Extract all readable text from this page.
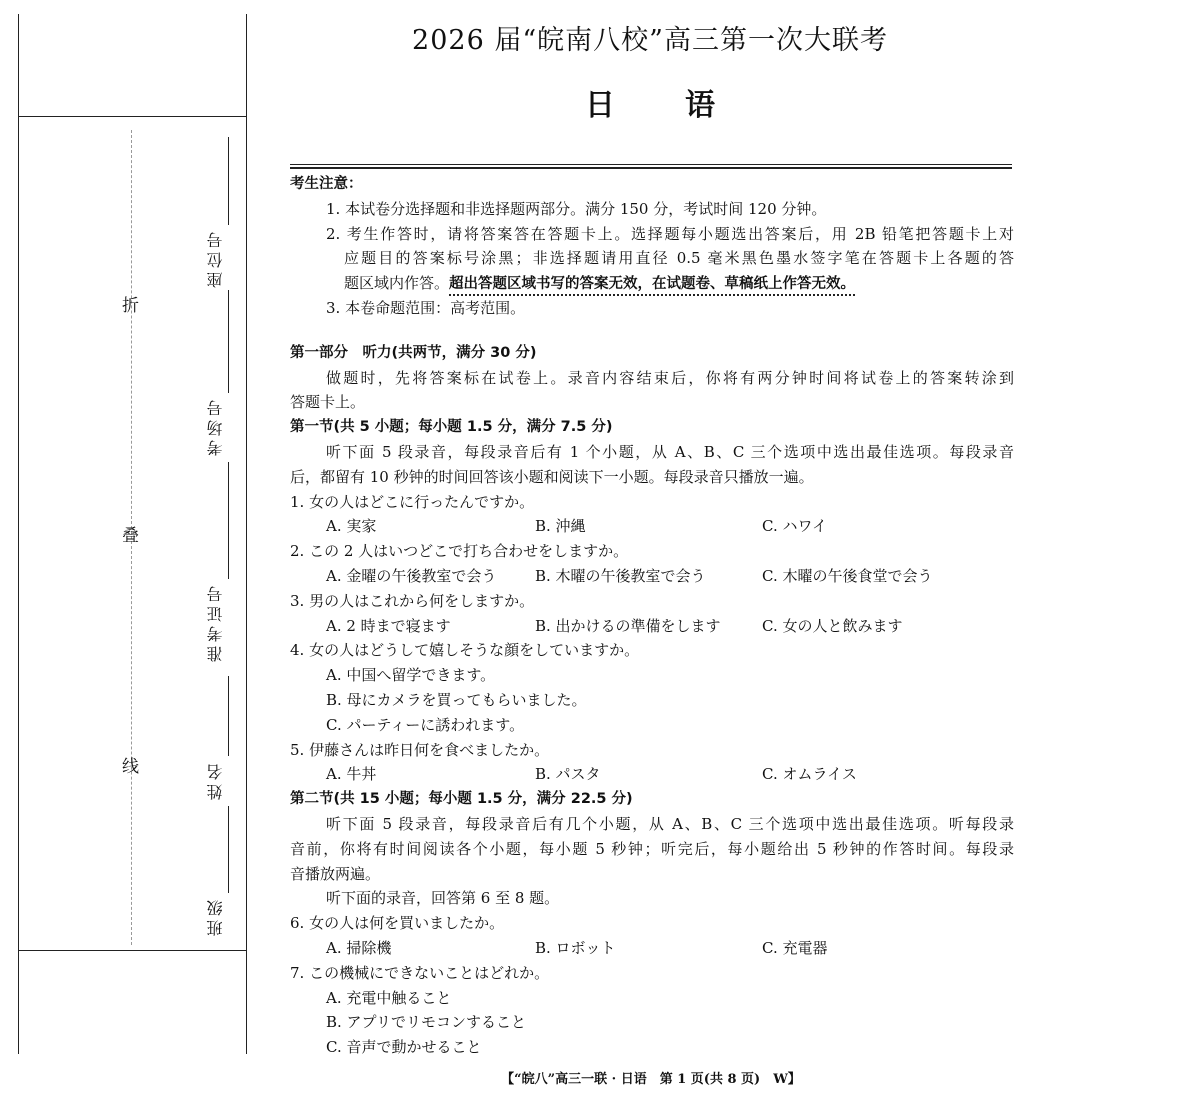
折
叠
线
座位号
考场号
准考证号
姓名
班级
2026 届“皖南八校”高三第一次大联考
日语
考生注意：
1. 本试卷分选择题和非选择题两部分。满分 150 分，考试时间 120 分钟。
2. 考生作答时，请将答案答在答题卡上。选择题每小题选出答案后，用 2B 铅笔把答题卡上对
应题目的答案标号涂黑；非选择题请用直径 0.5 毫米黑色墨水签字笔在答题卡上各题的答
题区域内作答。超出答题区域书写的答案无效，在试题卷、草稿纸上作答无效。
3. 本卷命题范围：高考范围。
第一部分　听力(共两节，满分 30 分)
做题时，先将答案标在试卷上。录音内容结束后，你将有两分钟时间将试卷上的答案转涂到
答题卡上。
第一节(共 5 小题；每小题 1.5 分，满分 7.5 分)
听下面 5 段录音，每段录音后有 1 个小题，从 A、B、C 三个选项中选出最佳选项。每段录音
后，都留有 10 秒钟的时间回答该小题和阅读下一小题。每段录音只播放一遍。
1. 女の人はどこに行ったんですか。
A. 実家	B. 沖縄	C. ハワイ
2. この 2 人はいつどこで打ち合わせをしますか。
A. 金曜の午後教室で会う	B. 木曜の午後教室で会う	C. 木曜の午後食堂で会う
3. 男の人はこれから何をしますか。
A. 2 時まで寝ます	B. 出かけるの準備をします	C. 女の人と飲みます
4. 女の人はどうして嬉しそうな顔をしていますか。
A. 中国へ留学できます。
B. 母にカメラを買ってもらいました。
C. パーティーに誘われます。
5. 伊藤さんは昨日何を食べましたか。
A. 牛丼	B. パスタ	C. オムライス
第二节(共 15 小题；每小题 1.5 分，满分 22.5 分)
听下面 5 段录音，每段录音后有几个小题，从 A、B、C 三个选项中选出最佳选项。听每段录
音前，你将有时间阅读各个小题，每小题 5 秒钟；听完后，每小题给出 5 秒钟的作答时间。每段录
音播放两遍。
听下面的录音，回答第 6 至 8 题。
6. 女の人は何を買いましたか。
A. 掃除機	B. ロボット	C. 充電器
7. この機械にできないことはどれか。
A. 充電中触ること
B. アプリでリモコンすること
C. 音声で動かせること
【“皖八”高三一联 · 日语　第 1 页(共 8 页)　W】
